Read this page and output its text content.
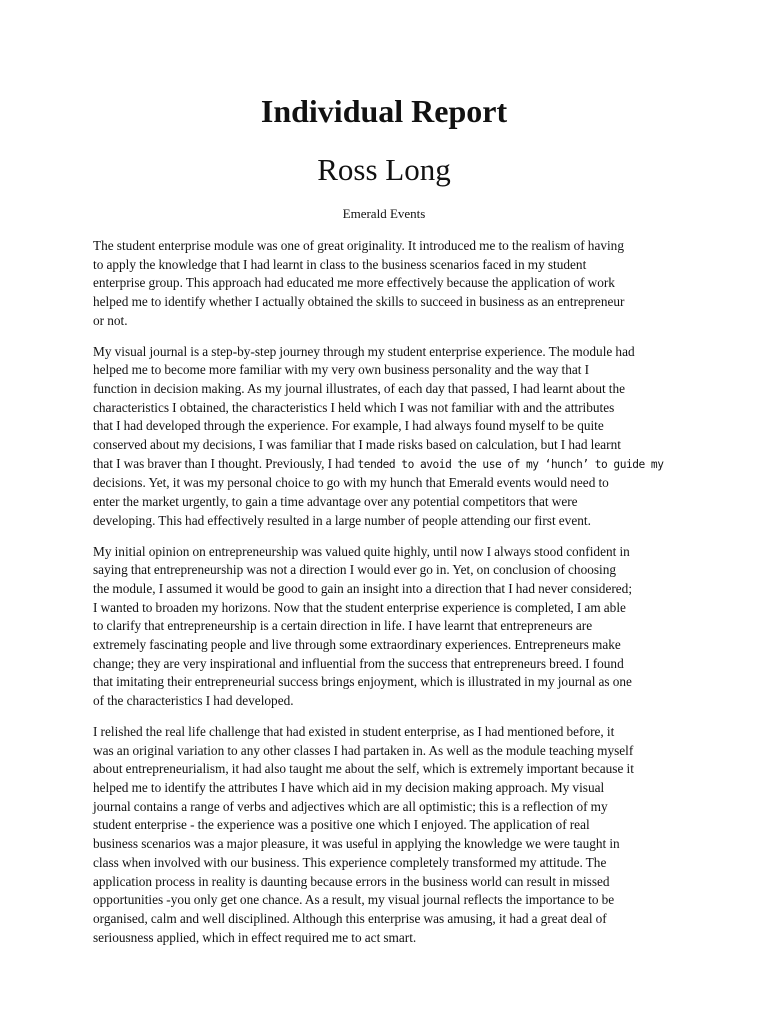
Individual Report
Ross Long

Emerald Events

The student enterprise module was one of great originality. It introduced me to the realism of having
to apply the knowledge that I had learnt in class to the business scenarios faced in my student
enterprise group. This approach had educated me more effectively because the application of work
helped me to identify whether I actually obtained the skills to succeed in business as an entrepreneur
or not.

My visual journal is a step-by-step journey through my student enterprise experience. The module had
helped me to become more familiar with my very own business personality and the way that I
function in decision making. As my journal illustrates, of each day that passed, I had learnt about the
characteristics I obtained, the characteristics I held which I was not familiar with and the attributes
that I had developed through the experience. For example, I had always found myself to be quite
conserved about my decisions, I was familiar that I made risks based on calculation, but I had learnt
that I was braver than I thought. Previously, I had tended to avoid the use of my ‘hunch’ to guide my
decisions. Yet, it was my personal choice to go with my hunch that Emerald events would need to
enter the market urgently, to gain a time advantage over any potential competitors that were
developing. This had effectively resulted in a large number of people attending our first event.

My initial opinion on entrepreneurship was valued quite highly, until now I always stood confident in
saying that entrepreneurship was not a direction I would ever go in. Yet, on conclusion of choosing
the module, I assumed it would be good to gain an insight into a direction that I had never considered;
I wanted to broaden my horizons. Now that the student enterprise experience is completed, I am able
to clarify that entrepreneurship is a certain direction in life. I have learnt that entrepreneurs are
extremely fascinating people and live through some extraordinary experiences. Entrepreneurs make
change; they are very inspirational and influential from the success that entrepreneurs breed. I found
that imitating their entrepreneurial success brings enjoyment, which is illustrated in my journal as one
of the characteristics I had developed.

I relished the real life challenge that had existed in student enterprise, as I had mentioned before, it
was an original variation to any other classes I had partaken in. As well as the module teaching myself
about entrepreneurialism, it had also taught me about the self, which is extremely important because it
helped me to identify the attributes I have which aid in my decision making approach. My visual
journal contains a range of verbs and adjectives which are all optimistic; this is a reflection of my
student enterprise - the experience was a positive one which I enjoyed. The application of real
business scenarios was a major pleasure, it was useful in applying the knowledge we were taught in
class when involved with our business. This experience completely transformed my attitude. The
application process in reality is daunting because errors in the business world can result in missed
opportunities -you only get one chance. As a result, my visual journal reflects the importance to be
organised, calm and well disciplined. Although this enterprise was amusing, it had a great deal of
seriousness applied, which in effect required me to act smart.
